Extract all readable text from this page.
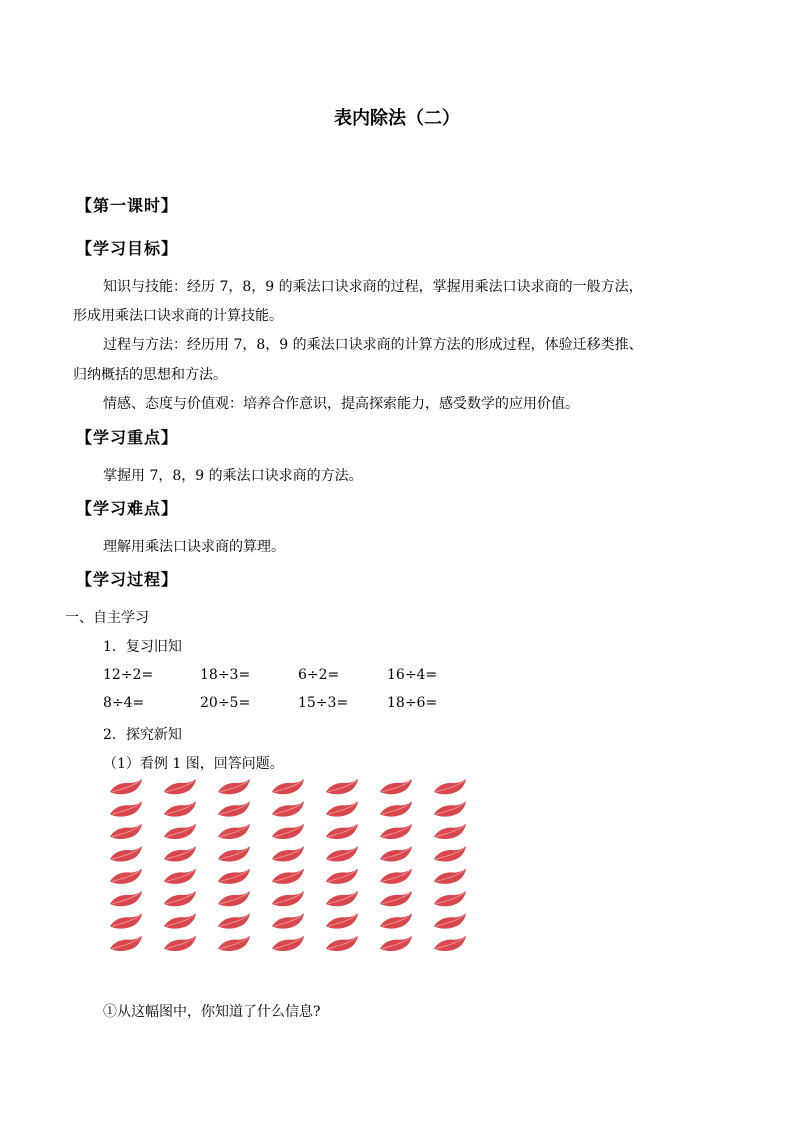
表内除法（二）
【第一课时】
【学习目标】
知识与技能：经历 7，8，9 的乘法口诀求商的过程，掌握用乘法口诀求商的一般方法，
形成用乘法口诀求商的计算技能。
过程与方法：经历用 7，8，9 的乘法口诀求商的计算方法的形成过程，体验迁移类推、
归纳概括的思想和方法。
情感、态度与价值观：培养合作意识，提高探索能力，感受数学的应用价值。
【学习重点】
掌握用 7，8，9 的乘法口诀求商的方法。
【学习难点】
理解用乘法口诀求商的算理。
【学习过程】
一、自主学习
1．复习旧知
12÷2=	18÷3=	6÷2=	16÷4=
8÷4=	20÷5=	15÷3=	18÷6=
2．探究新知
（1）看例 1 图，回答问题。
①从这幅图中，你知道了什么信息?
